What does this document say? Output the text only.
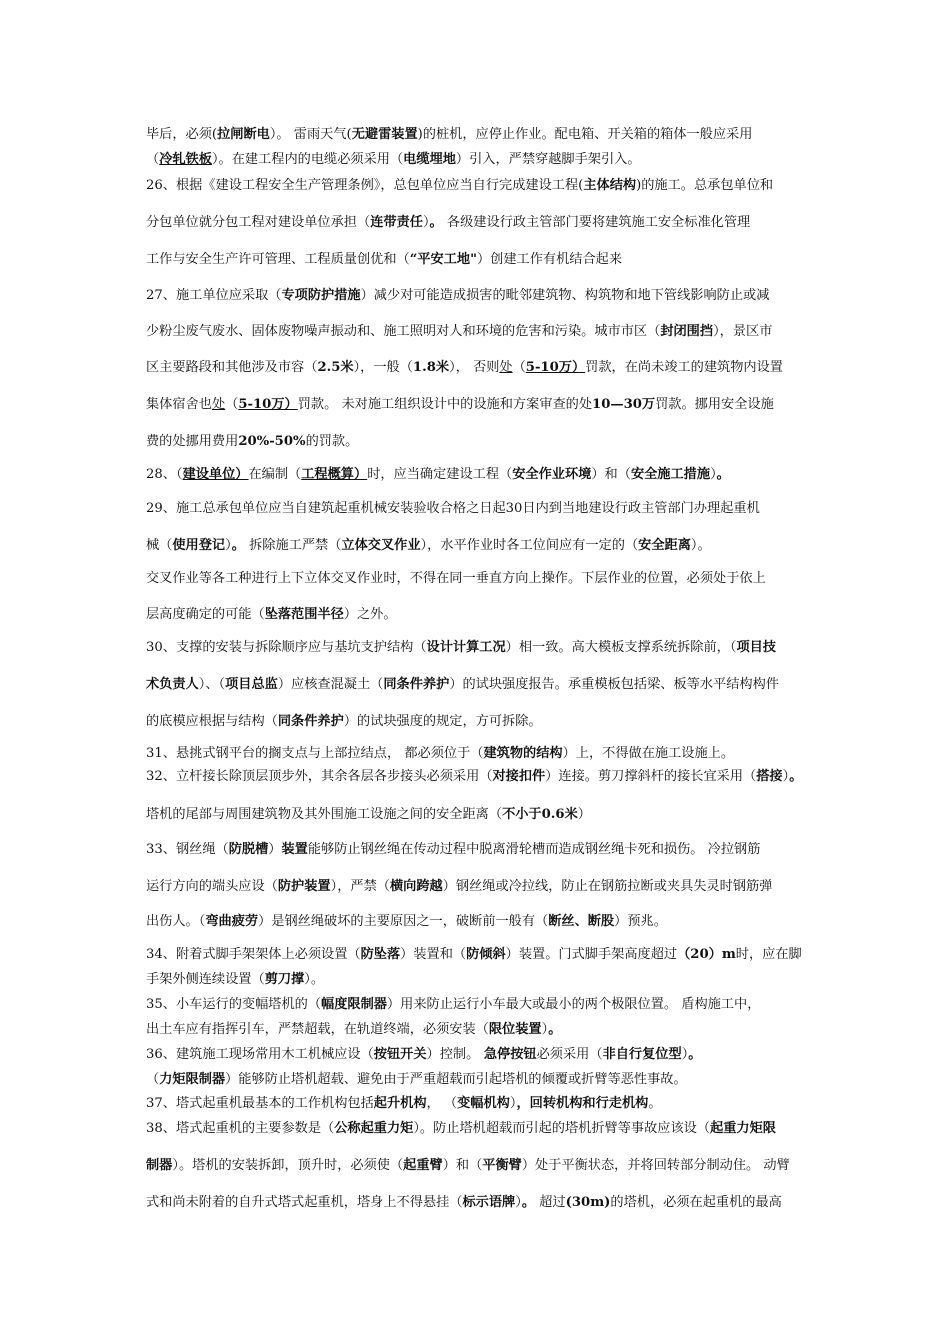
毕后，必须(拉闸断电）。 雷雨天气(无避雷装置)的桩机，应停止作业。配电箱、开关箱的箱体一般应采用
（冷轧铁板）。在建工程内的电缆必须采用（电缆埋地）引入，严禁穿越脚手架引入。
26、根据《建设工程安全生产管理条例》，总包单位应当自行完成建设工程(主体结构)的施工。总承包单位和
分包单位就分包工程对建设单位承担（连带责任）。 各级建设行政主管部门要将建筑施工安全标准化管理
工作与安全生产许可管理、工程质量创优和（“平安工地"）创建工作有机结合起来
27、施工单位应采取（专项防护措施）减少对可能造成损害的毗邻建筑物、构筑物和地下管线影响防止或减
少粉尘废气废水、固体废物噪声振动和、施工照明对人和环境的危害和污染。城市市区（封闭围挡），景区市
区主要路段和其他涉及市容（2.5米），一般（1.8米）， 否则处（5-10万）罚款，在尚未竣工的建筑物内设置
集体宿舍也处（5-10万）罚款。 未对施工组织设计中的设施和方案审查的处10—30万罚款。挪用安全设施
费的处挪用费用20%-50%的罚款。
28、（建设单位）在编制（工程概算）时，应当确定建设工程（安全作业环境）和（安全施工措施）。
29、施工总承包单位应当自建筑起重机械安装验收合格之日起30日内到当地建设行政主管部门办理起重机
械（使用登记）。 拆除施工严禁（立体交叉作业），水平作业时各工位间应有一定的（安全距离）。
交叉作业等各工种进行上下立体交叉作业时，不得在同一垂直方向上操作。下层作业的位置，必须处于依上
层高度确定的可能（坠落范围半径）之外。
30、支撑的安装与拆除顺序应与基坑支护结构（设计计算工况）相一致。高大模板支撑系统拆除前，（项目技
术负责人）、（项目总监）应核查混凝土（同条件养护）的试块强度报告。承重模板包括梁、板等水平结构构件
的底模应根据与结构（同条件养护）的试块强度的规定，方可拆除。
31、悬挑式钢平台的搁支点与上部拉结点， 都必须位于（建筑物的结构）上，不得做在施工设施上。
32、立杆接长除顶层顶步外，其余各层各步接头必须采用（对接扣件）连接。剪刀撑斜杆的接长宜采用（搭接）。
塔机的尾部与周围建筑物及其外围施工设施之间的安全距离（不小于0.6米）
33、钢丝绳（防脱槽）装置能够防止钢丝绳在传动过程中脱离滑轮槽而造成钢丝绳卡死和损伤。 冷拉钢筋
运行方向的端头应设（防护装置），严禁（横向跨越）钢丝绳或冷拉线，防止在钢筋拉断或夹具失灵时钢筋弹
出伤人。（弯曲疲劳）是钢丝绳破坏的主要原因之一，破断前一般有（断丝、断股）预兆。
34、附着式脚手架架体上必须设置（防坠落）装置和（防倾斜）装置。门式脚手架高度超过（20）m时，应在脚
手架外侧连续设置（剪刀撑）。
35、小车运行的变幅塔机的（幅度限制器）用来防止运行小车最大或最小的两个极限位置。 盾构施工中，
出土车应有指挥引车，严禁超载，在轨道终端，必须安装（限位装置）。
36、建筑施工现场常用木工机械应设（按钮开关）控制。 急停按钮必须采用（非自行复位型）。
（力矩限制器）能够防止塔机超载、避免由于严重超载而引起塔机的倾覆或折臂等恶性事故。
37、塔式起重机最基本的工作机构包括起升机构， （变幅机构），回转机构和行走机构。
38、塔式起重机的主要参数是（公称起重力矩）。防止塔机超载而引起的塔机折臂等事故应该设（起重力矩限
制器）。塔机的安装拆卸，顶升时，必须使（起重臂）和（平衡臂）处于平衡状态，并将回转部分制动住。 动臂
式和尚未附着的自升式塔式起重机，塔身上不得悬挂（标示语牌）。 超过(30m)的塔机，必须在起重机的最高
